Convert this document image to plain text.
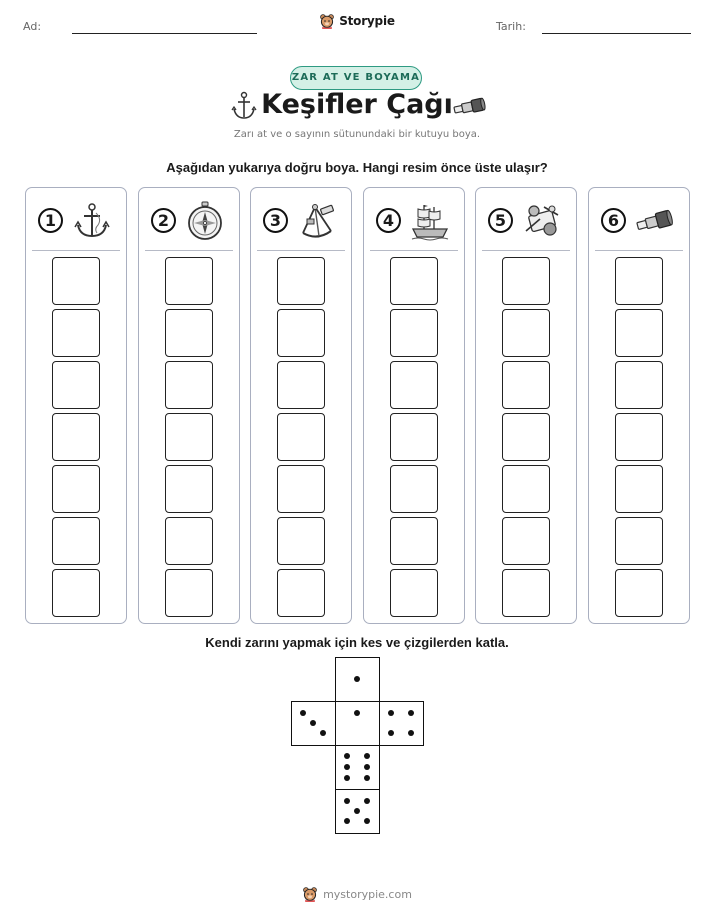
Ad:	Tarih:
Storypie
ZAR AT VE BOYAMA
Keşifler Çağı
Zarı at ve o sayının sütunundaki bir kutuyu boya.
Aşağıdan yukarıya doğru boya. Hangi resim önce üste ulaşır?
1	2	3	4	5	6
Kendi zarını yapmak için kes ve çizgilerden katla.
mystorypie.com
